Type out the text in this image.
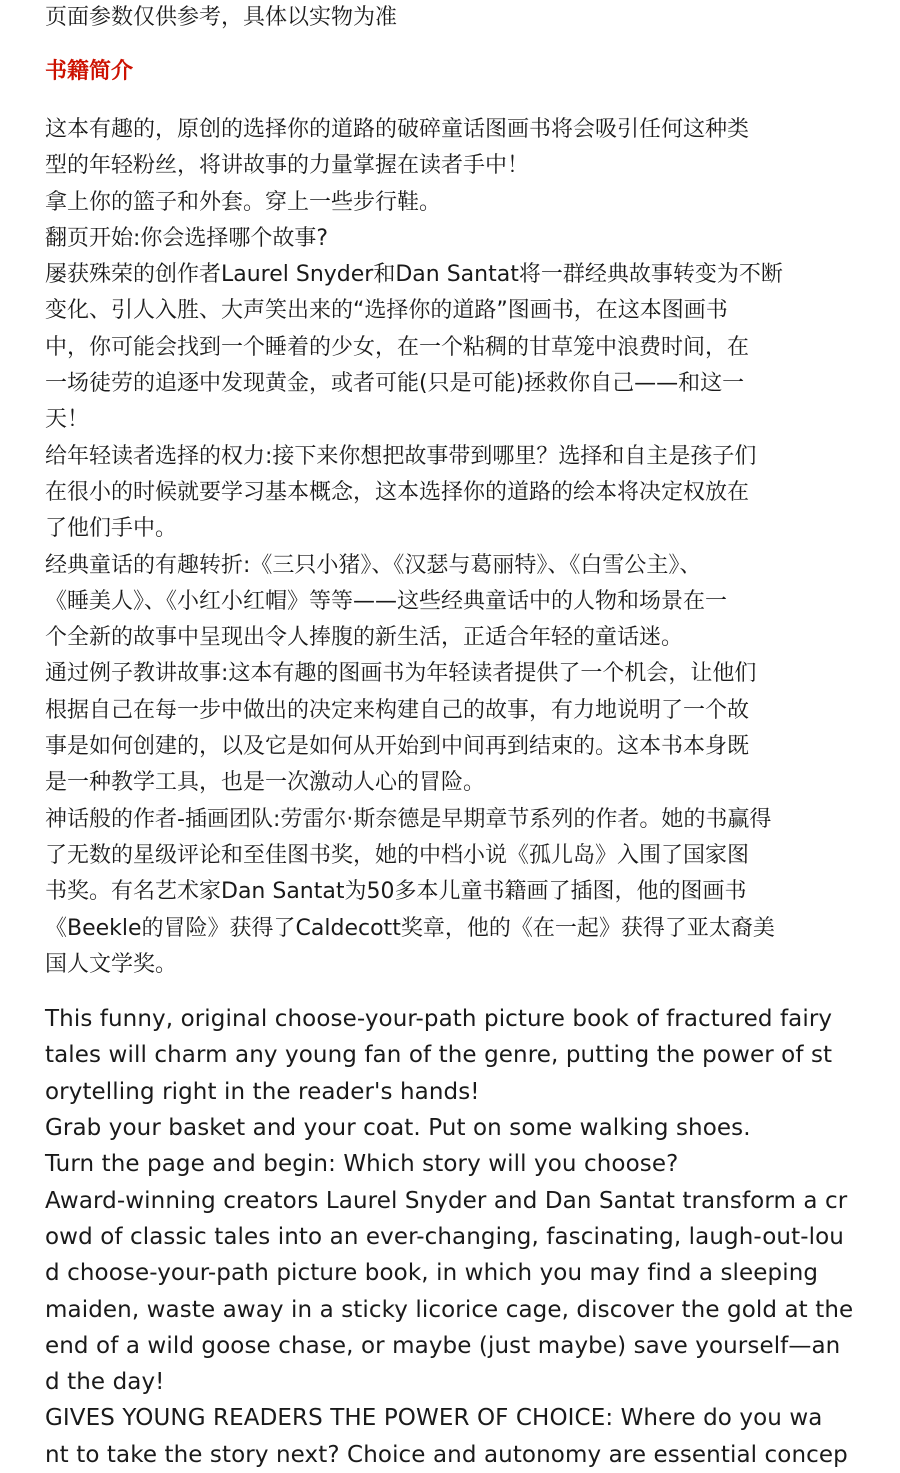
页面参数仅供参考，具体以实物为准

书籍简介

这本有趣的，原创的选择你的道路的破碎童话图画书将会吸引任何这种类

型的年轻粉丝，将讲故事的力量掌握在读者手中！

拿上你的篮子和外套。穿上一些步行鞋。

翻页开始:你会选择哪个故事?

屡获殊荣的创作者Laurel Snyder和Dan Santat将一群经典故事转变为不断

变化、引人入胜、大声笑出来的“选择你的道路”图画书，在这本图画书

中，你可能会找到一个睡着的少女，在一个粘稠的甘草笼中浪费时间，在

一场徒劳的追逐中发现黄金，或者可能(只是可能)拯救你自己——和这一

天！

给年轻读者选择的权力:接下来你想把故事带到哪里？选择和自主是孩子们

在很小的时候就要学习基本概念，这本选择你的道路的绘本将决定权放在

了他们手中。

经典童话的有趣转折:《三只小猪》、《汉瑟与葛丽特》、《白雪公主》、

《睡美人》、《小红小红帽》等等——这些经典童话中的人物和场景在一

个全新的故事中呈现出令人捧腹的新生活，正适合年轻的童话迷。

通过例子教讲故事:这本有趣的图画书为年轻读者提供了一个机会，让他们

根据自己在每一步中做出的决定来构建自己的故事，有力地说明了一个故

事是如何创建的，以及它是如何从开始到中间再到结束的。这本书本身既

是一种教学工具，也是一次激动人心的冒险。

神话般的作者-插画团队:劳雷尔·斯奈德是早期章节系列的作者。她的书赢得

了无数的星级评论和至佳图书奖，她的中档小说《孤儿岛》入围了国家图

书奖。有名艺术家Dan Santat为50多本儿童书籍画了插图，他的图画书

《Beekle的冒险》获得了Caldecott奖章，他的《在一起》获得了亚太裔美

国人文学奖。

This funny, original choose-your-path picture book of fractured fairy

tales will charm any young fan of the genre, putting the power of st

orytelling right in the reader's hands!

Grab your basket and your coat. Put on some walking shoes.

Turn the page and begin: Which story will you choose?

Award-winning creators Laurel Snyder and Dan Santat transform a cr

owd of classic tales into an ever-changing, fascinating, laugh-out-lou

d choose-your-path picture book, in which you may find a sleeping

maiden, waste away in a sticky licorice cage, discover the gold at the

end of a wild goose chase, or maybe (just maybe) save yourself—an

d the day!

GIVES YOUNG READERS THE POWER OF CHOICE: Where do you wa

nt to take the story next? Choice and autonomy are essential concep
